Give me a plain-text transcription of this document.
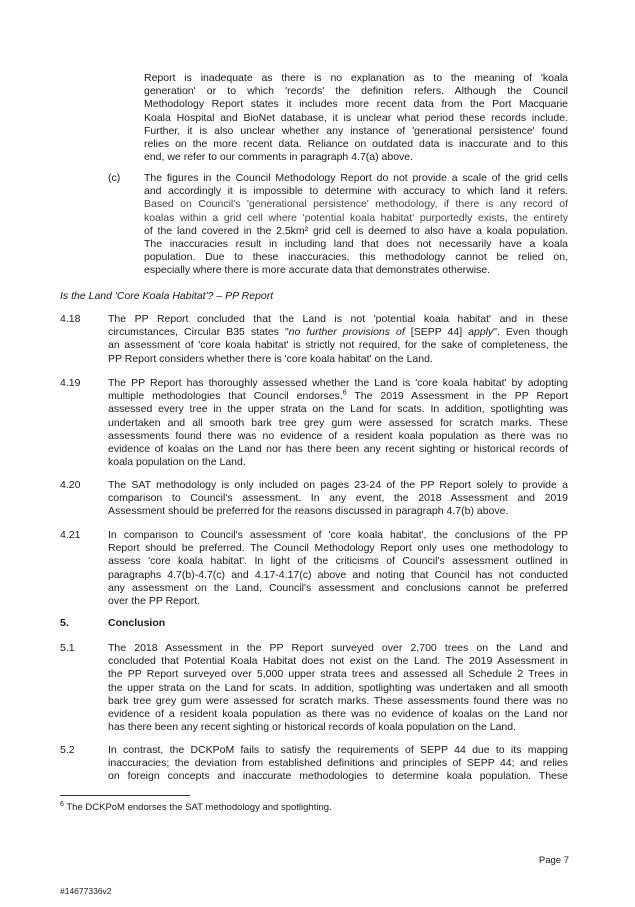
Report is inadequate as there is no explanation as to the meaning of 'koala
generation' or to which 'records' the definition refers. Although the Council
Methodology Report states it includes more recent data from the Port Macquarie
Koala Hospital and BioNet database, it is unclear what period these records include.
Further, it is also unclear whether any instance of 'generational persistence' found
relies on the more recent data. Reliance on outdated data is inaccurate and to this
end, we refer to our comments in paragraph 4.7(a) above.
(c) The figures in the Council Methodology Report do not provide a scale of the grid cells
and accordingly it is impossible to determine with accuracy to which land it refers.
Based on Council's 'generational persistence' methodology, if there is any record of
koalas within a grid cell where 'potential koala habitat' purportedly exists, the entirety
of the land covered in the 2.5km² grid cell is deemed to also have a koala population.
The inaccuracies result in including land that does not necessarily have a koala
population. Due to these inaccuracies, this methodology cannot be relied on,
especially where there is more accurate data that demonstrates otherwise.
Is the Land 'Core Koala Habitat'? – PP Report
4.18	The PP Report concluded that the Land is not 'potential koala habitat' and in these
circumstances, Circular B35 states "no further provisions of [SEPP 44] apply". Even though
an assessment of 'core koala habitat' is strictly not required, for the sake of completeness, the
PP Report considers whether there is 'core koala habitat' on the Land.
4.19	The PP Report has thoroughly assessed whether the Land is 'core koala habitat' by adopting
multiple methodologies that Council endorses.$^6$ The 2019 Assessment in the PP Report
assessed every tree in the upper strata on the Land for scats. In addition, spotlighting was
undertaken and all smooth bark tree grey gum were assessed for scratch marks. These
assessments found there was no evidence of a resident koala population as there was no
evidence of koalas on the Land nor has there been any recent sighting or historical records of
koala population on the Land.
4.20	The SAT methodology is only included on pages 23-24 of the PP Report solely to provide a
comparison to Council's assessment. In any event, the 2018 Assessment and 2019
Assessment should be preferred for the reasons discussed in paragraph 4.7(b) above.
4.21	In comparison to Council's assessment of 'core koala habitat', the conclusions of the PP
Report should be preferred. The Council Methodology Report only uses one methodology to
assess 'core koala habitat'. In light of the criticisms of Council's assessment outlined in
paragraphs 4.7(b)-4.7(c) and 4.17-4.17(c) above and noting that Council has not conducted
any assessment on the Land, Council's assessment and conclusions cannot be preferred
over the PP Report.
5.	Conclusion
5.1	The 2018 Assessment in the PP Report surveyed over 2,700 trees on the Land and
concluded that Potential Koala Habitat does not exist on the Land. The 2019 Assessment in
the PP Report surveyed over 5,000 upper strata trees and assessed all Schedule 2 Trees in
the upper strata on the Land for scats. In addition, spotlighting was undertaken and all smooth
bark tree grey gum were assessed for scratch marks. These assessments found there was no
evidence of a resident koala population as there was no evidence of koalas on the Land nor
has there been any recent sighting or historical records of koala population on the Land.
5.2	In contrast, the DCKPoM fails to satisfy the requirements of SEPP 44 due to its mapping
inaccuracies; the deviation from established definitions and principles of SEPP 44; and relies
on foreign concepts and inaccurate methodologies to determine koala population. These
$^6$ The DCKPoM endorses the SAT methodology and spotlighting.
Page 7
#14677336v2
